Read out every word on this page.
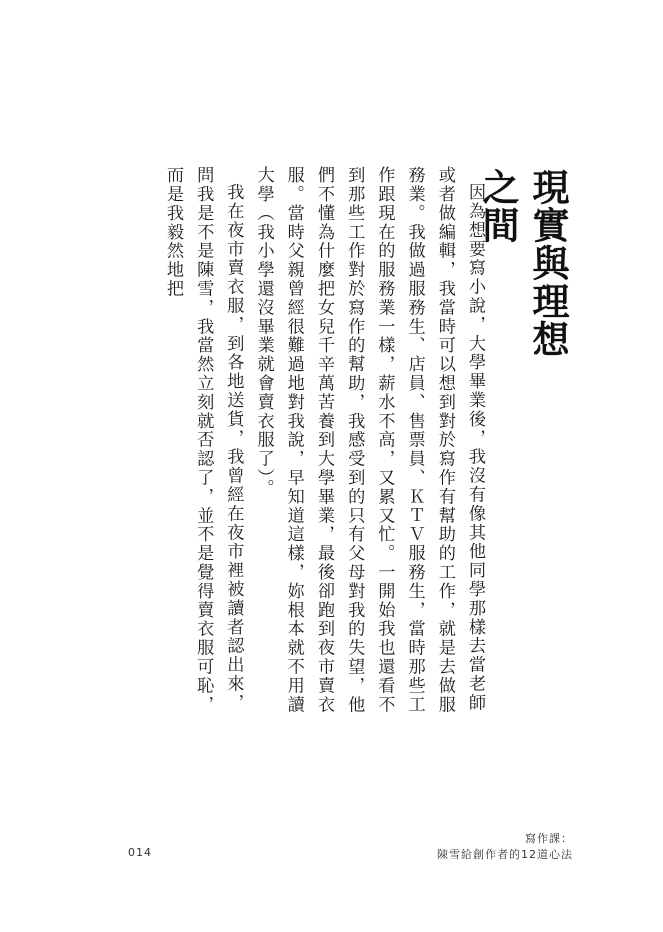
現實與理想之間

因為想要寫小說，大學畢業後，我沒有像其他同學那樣去當老師或者做編輯，我當時可以想到對於寫作有幫助的工作，就是去做服務業。我做過服務生、店員、售票員、ＫＴＶ服務生，當時那些工作跟現在的服務業一樣，薪水不高，又累又忙。一開始我也還看不到那些工作對於寫作的幫助，我感受到的只有父母對我的失望，他們不懂為什麼把女兒千辛萬苦養到大學畢業，最後卻跑到夜市賣衣服。當時父親曾經很難過地對我說，早知道這樣，妳根本就不用讀大學（我小學還沒畢業就會賣衣服了）。

我在夜市賣衣服，到各地送貨，我曾經在夜市裡被讀者認出來，問我是不是陳雪，我當然立刻就否認了，並不是覺得賣衣服可恥，而是我毅然地把

014
寫作課：
陳雪給創作者的12道心法
